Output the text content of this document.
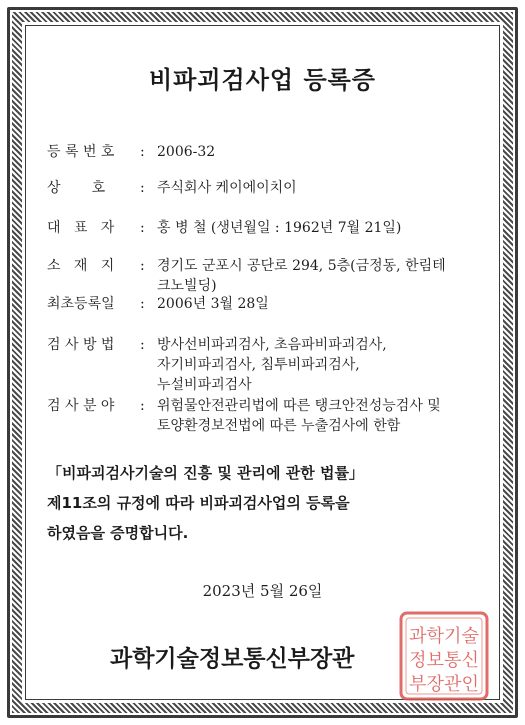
비파괴검사업 등록증
등 록 번 호	: 2006-32
상       호	: 주식회사 케이에이치이
대   표   자	: 홍 병 철 (생년월일 : 1962년 7월 21일)
소   재   지	: 경기도 군포시 공단로 294, 5층(금정동, 한림테
크노빌딩)
최초등록일	: 2006년 3월 28일
검 사 방 법	: 방사선비파괴검사, 초음파비파괴검사,
자기비파괴검사, 침투비파괴검사,
누설비파괴검사
검 사 분 야	: 위험물안전관리법에 따른 탱크안전성능검사 및
토양환경보전법에 따른 누출검사에 한함
「비파괴검사기술의 진흥 및 관리에 관한 법률」
제11조의 규정에 따라 비파괴검사업의 등록을
하였음을 증명합니다.
2023년 5월 26일
과학기술정보통신부장관
과학기술
정보통신
부장관인
